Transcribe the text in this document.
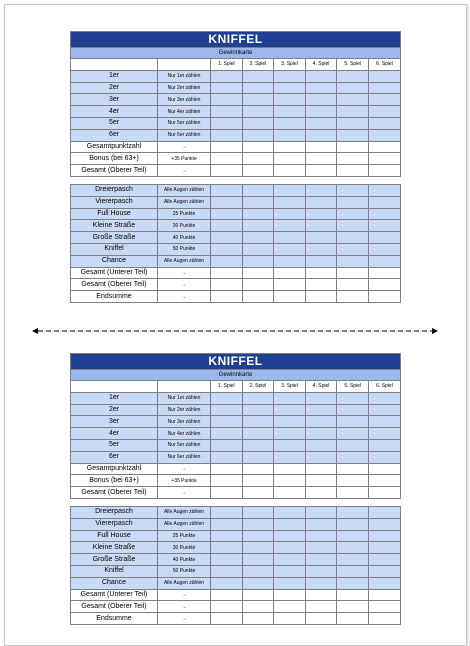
KNIFFEL							
Gewinnkarte							
		1. Spiel	2. Spiel	3. Spiel	4. Spiel	5. Spiel	6. Spiel
1er	Nur 1er zählen						
2er	Nur 2er zählen						
3er	Nur 3er zählen						
4er	Nur 4er zählen						
5er	Nur 5er zählen						
6er	Nur 6er zählen						
Gesamtpunktzahl	→						
Bonus (bei 63+)	+35 Punkte						
Gesamt (Oberer Teil)	→						

Dreierpasch	Alle Augen zählen						
Viererpasch	Alle Augen zählen						
Full House	25 Punkte						
Kleine Straße	30 Punkte						
Große Straße	40 Punkte						
Kniffel	50 Punkte						
Chance	Alle Augen zählen						
Gesamt (Unterer Teil)	→						
Gesamt (Oberer Teil)	→						
Endsumme	→						
KNIFFEL							
Gewinnkarte							
		1. Spiel	2. Spiel	3. Spiel	4. Spiel	5. Spiel	6. Spiel
1er	Nur 1er zählen						
2er	Nur 2er zählen						
3er	Nur 3er zählen						
4er	Nur 4er zählen						
5er	Nur 5er zählen						
6er	Nur 6er zählen						
Gesamtpunktzahl	→						
Bonus (bei 63+)	+35 Punkte						
Gesamt (Oberer Teil)	→						

Dreierpasch	Alle Augen zählen						
Viererpasch	Alle Augen zählen						
Full House	25 Punkte						
Kleine Straße	30 Punkte						
Große Straße	40 Punkte						
Kniffel	50 Punkte						
Chance	Alle Augen zählen						
Gesamt (Unterer Teil)	→						
Gesamt (Oberer Teil)	→						
Endsumme	→						
